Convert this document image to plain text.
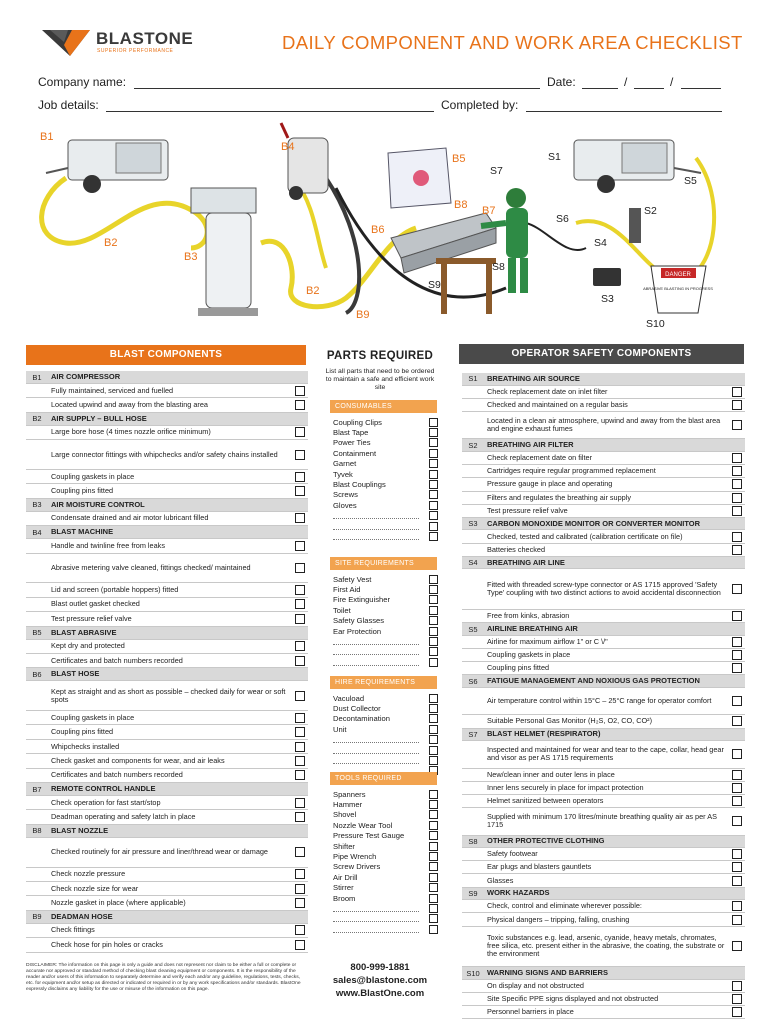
BLASTONE
SUPERIOR PERFORMANCE	DAILY COMPONENT AND WORK AREA CHECKLIST
Company name:	Date:	/	/
Job details:	Completed by:
DANGER
ABRASIVE BLASTING IN PROGRESS
B1
B2
B3
B4
B5
B6
B7
B8
B9
B2
S1
S2
S3
S4
S5
S6
S7
S8
S9
S10
BLAST COMPONENTS
B1	AIR COMPRESSOR
Fully maintained, serviced and fuelled
Located upwind and away from the blasting area
B2	AIR SUPPLY – BULL HOSE
Large bore hose (4 times nozzle orifice minimum)
Large connector fittings with whipchecks and/or safety chains installed
Coupling gaskets in place
Coupling pins fitted
B3	AIR MOISTURE CONTROL
Condensate drained and air motor lubricant filled
B4	BLAST MACHINE
Handle and twinline free from leaks
Abrasive metering valve cleaned, fittings checked/ maintained
Lid and screen (portable hoppers) fitted
Blast outlet gasket checked
Test pressure relief valve
B5	BLAST ABRASIVE
Kept dry and protected
Certificates and batch numbers recorded
B6	BLAST HOSE
Kept as straight and as short as possible – checked daily for wear or soft spots
Coupling gaskets in place
Coupling pins fitted
Whipchecks installed
Check gasket and components for wear, and air leaks
Certificates and batch numbers recorded
B7	REMOTE CONTROL HANDLE
Check operation for fast start/stop
Deadman operating and safety latch in place
B8	BLAST NOZZLE
Checked routinely for air pressure and liner/thread wear or damage
Check nozzle pressure
Check nozzle size for wear
Nozzle gasket in place (where applicable)
B9	DEADMAN HOSE
Check fittings
Check hose for pin holes or cracks
PARTS REQUIRED
List all parts that need to be ordered to maintain a safe and efficient work site
CONSUMABLES
Coupling Clips
Blast Tape
Power Ties
Containment
Garnet
Tyvek
Blast Couplings
Screws
Gloves
SITE REQUIREMENTS
Safety Vest
First Aid
Fire Extinguisher
Toilet
Safety Glasses
Ear Protection
HIRE REQUIREMENTS
Vacuload
Dust Collector
Decontamination
Unit
TOOLS REQUIRED
Spanners
Hammer
Shovel
Nozzle Wear Tool
Pressure Test Gauge
Shifter
Pipe Wrench
Screw Drivers
Air Drill
Stirrer
Broom
800-999-1881
sales@blastone.com
www.BlastOne.com
OPERATOR SAFETY COMPONENTS
S1	BREATHING AIR SOURCE
Check replacement date on inlet filter
Checked and maintained on a regular basis
Located in a clean air atmosphere, upwind and away from the blast area and engine exhaust fumes
S2	BREATHING AIR FILTER
Check replacement date on filter
Cartridges require regular programmed replacement
Pressure gauge in place and operating
Filters and regulates the breathing air supply
Test pressure relief valve
S3	CARBON MONOXIDE MONITOR OR CONVERTER MONITOR
Checked, tested and calibrated (calibration certificate on file)
Batteries checked
S4	BREATHING AIR LINE
Fitted with threaded screw-type connector or AS 1715 approved 'Safety Type' coupling with two distinct actions to avoid accidental disconnection
Free from kinks, abrasion
S5	AIRLINE BREATHING AIR
Airline for maximum airflow 1" or C \/"
Coupling gaskets in place
Coupling pins fitted
S6	FATIGUE MANAGEMENT AND NOXIOUS GAS PROTECTION
Air temperature control within 15°C – 25°C range for operator comfort
Suitable Personal Gas Monitor (H₂S, O2, CO, CO²)
S7	BLAST HELMET (RESPIRATOR)
Inspected and maintained for wear and tear to the cape, collar, head gear and visor as per AS 1715 requirements
New/clean inner and outer lens in place
Inner lens securely in place for impact protection
Helmet sanitized between operators
Supplied with minimum 170 litres/minute breathing quality air as per AS 1715
S8	OTHER PROTECTIVE CLOTHING
Safety footwear
Ear plugs and blasters gauntlets
Glasses
S9	WORK HAZARDS
Check, control and eliminate wherever possible:
Physical dangers – tripping, falling, crushing
Toxic substances e.g. lead, arsenic, cyanide, heavy metals, chromates, free silica, etc. present either in the abrasive, the coating, the substrate or the environment
S10 WARNING SIGNS AND BARRIERS
On display and not obstructed
Site Specific PPE signs displayed and not obstructed
Personnel barriers in place
DISCLAIMER: The information on this page is only a guide and does not represent nor claim to be either a full or complete or accurate nor approved or standard method of checking blast cleaning equipment or components. It is the responsibility of the reader and/or users of this information to separately determine and verify each and/or any guideline, regulations, tests, checks, etc. for equipment and/or setup as directed or indicated or required in or by any work specifications and/or standards. BlastOne expressly disclaims any liability for the use or misuse of the information on this page.
